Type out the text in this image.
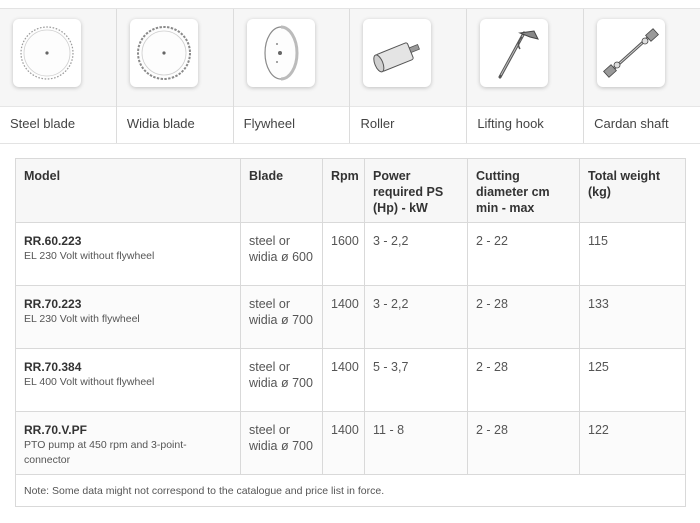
Steel blade	Widia blade	Flywheel	Roller	Lifting hook	Cardan shaft
Model	Blade	Rpm	Power required PS (Hp) - kW	Cutting diameter cm min - max	Total weight (kg)

RR.60.223
EL 230 Volt without flywheel	steel or widia ø 600	1600	3 - 2,2	2 - 22	115

RR.70.223
EL 230 Volt with flywheel	steel or widia ø 700	1400	3 - 2,2	2 - 28	133

RR.70.384
EL 400 Volt without flywheel	steel or widia ø 700	1400	5 - 3,7	2 - 28	125

RR.70.V.PF
PTO pump at 450 rpm and 3-point-connector	steel or widia ø 700	1400	11 - 8	2 - 28	122
Note: Some data might not correspond to the catalogue and price list in force.					
